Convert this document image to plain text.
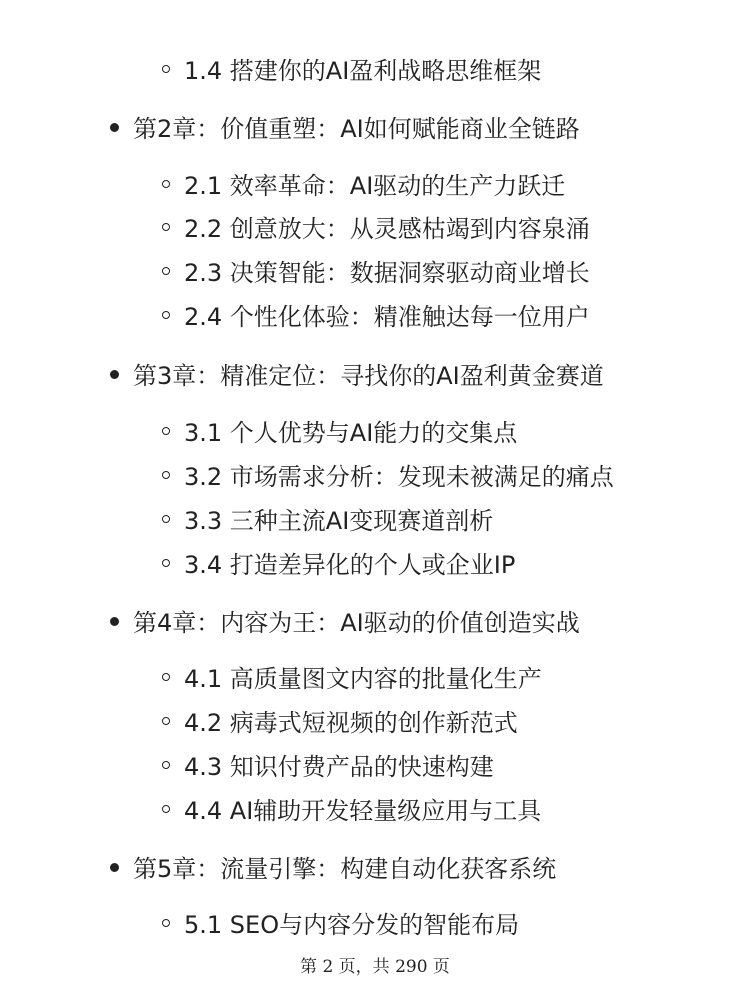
1.4 搭建你的AI盈利战略思维框架
第2章：价值重塑：AI如何赋能商业全链路
2.1 效率革命：AI驱动的生产力跃迁
2.2 创意放大：从灵感枯竭到内容泉涌
2.3 决策智能：数据洞察驱动商业增长
2.4 个性化体验：精准触达每一位用户
第3章：精准定位：寻找你的AI盈利黄金赛道
3.1 个人优势与AI能力的交集点
3.2 市场需求分析：发现未被满足的痛点
3.3 三种主流AI变现赛道剖析
3.4 打造差异化的个人或企业IP
第4章：内容为王：AI驱动的价值创造实战
4.1 高质量图文内容的批量化生产
4.2 病毒式短视频的创作新范式
4.3 知识付费产品的快速构建
4.4 AI辅助开发轻量级应用与工具
第5章：流量引擎：构建自动化获客系统
5.1 SEO与内容分发的智能布局
第 2 页，共 290 页
